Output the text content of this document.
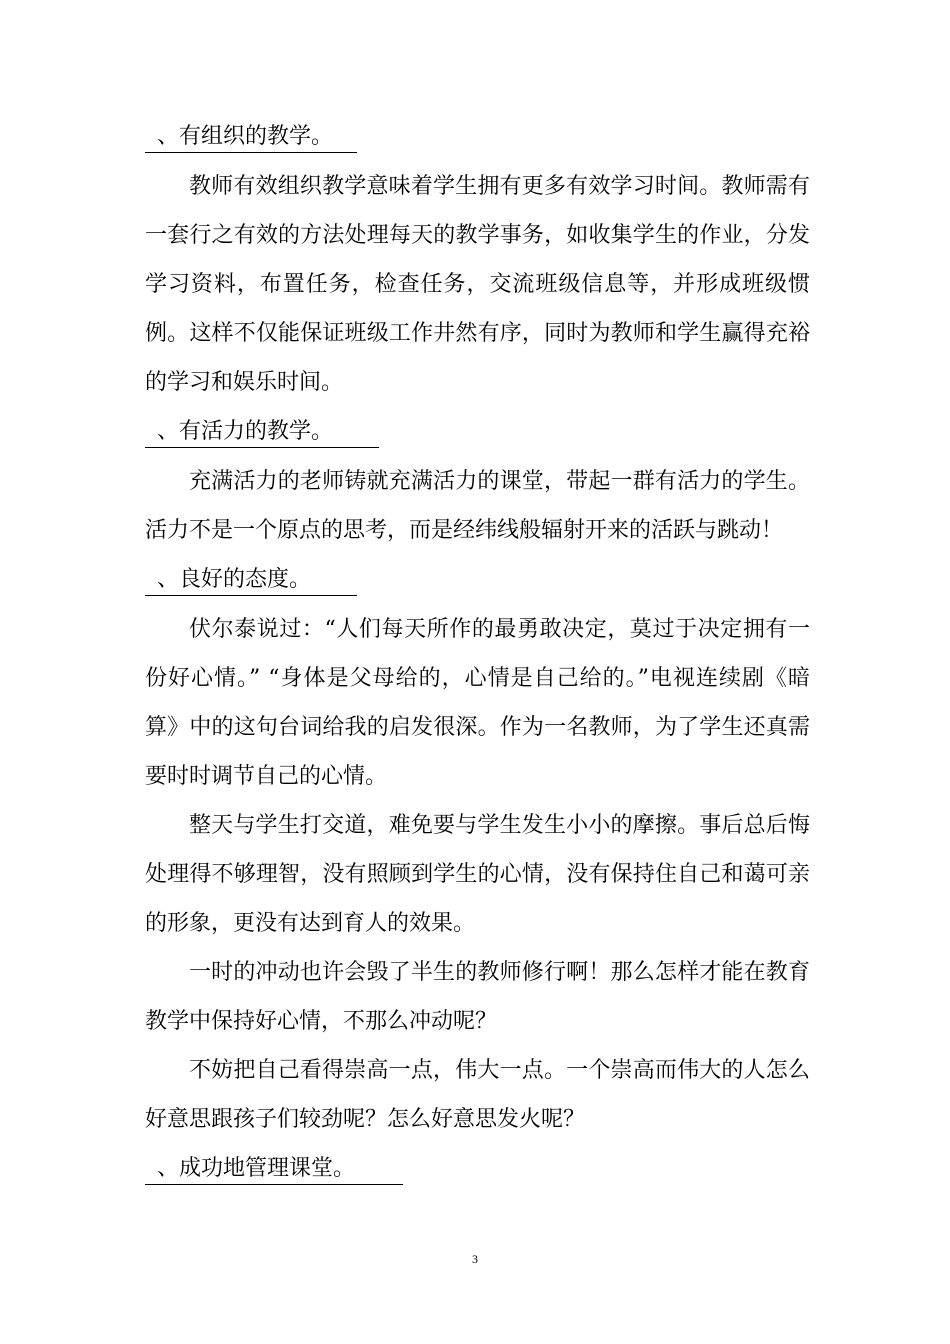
、有组织的教学。

教师有效组织教学意味着学生拥有更多有效学习时间。教师需有一套行之有效的方法处理每天的教学事务，如收集学生的作业，分发学习资料，布置任务，检查任务，交流班级信息等，并形成班级惯例。这样不仅能保证班级工作井然有序，同时为教师和学生赢得充裕的学习和娱乐时间。

、有活力的教学。

充满活力的老师铸就充满活力的课堂，带起一群有活力的学生。活力不是一个原点的思考，而是经纬线般辐射开来的活跃与跳动！

、良好的态度。

伏尔泰说过：“人们每天所作的最勇敢决定，莫过于决定拥有一份好心情。” “身体是父母给的，心情是自己给的。”电视连续剧《暗算》中的这句台词给我的启发很深。作为一名教师，为了学生还真需要时时调节自己的心情。

整天与学生打交道，难免要与学生发生小小的摩擦。事后总后悔处理得不够理智，没有照顾到学生的心情，没有保持住自己和蔼可亲的形象，更没有达到育人的效果。

一时的冲动也许会毁了半生的教师修行啊！那么怎样才能在教育教学中保持好心情，不那么冲动呢？

不妨把自己看得崇高一点，伟大一点。一个崇高而伟大的人怎么好意思跟孩子们较劲呢？怎么好意思发火呢？

、成功地管理课堂。
3
